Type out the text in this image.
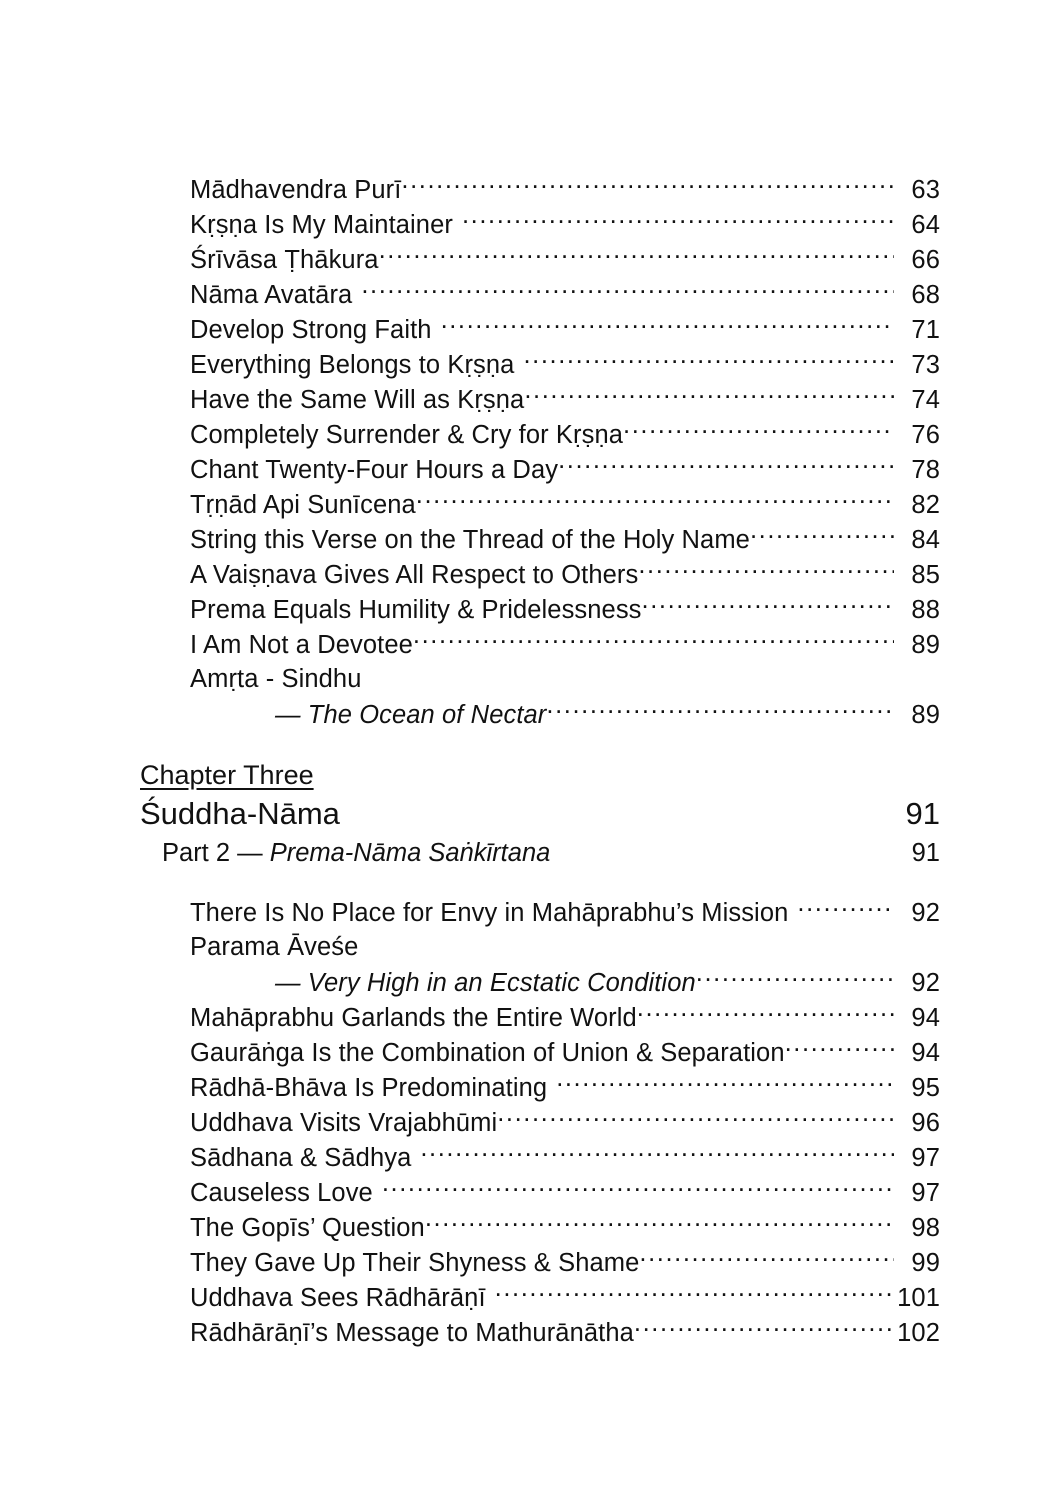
Mādhavendra Purī .....	63
Kṛṣṇa Is My Maintainer .....	64
Śrīvāsa Ṭhākura .....	66
Nāma Avatāra .....	68
Develop Strong Faith .....	71
Everything Belongs to Kṛṣṇa .....	73
Have the Same Will as Kṛṣṇa .....	74
Completely Surrender & Cry for Kṛṣṇa .....	76
Chant Twenty-Four Hours a Day .....	78
Tṛṇād Api Sunīcena .....	82
String this Verse on the Thread of the Holy Name .....	84
A Vaiṣṇava Gives All Respect to Others .....	85
Prema Equals Humility & Pridelessness .....	88
I Am Not a Devotee .....	89
Amṛta - Sindhu
— The Ocean of Nectar .....	89
Chapter Three
Śuddha-Nāma	91
Part 2 — Prema-Nāma Saṅkīrtana	91
There Is No Place for Envy in Mahāprabhu’s Mission .....	92
Parama Āveśe
— Very High in an Ecstatic Condition .....	92
Mahāprabhu Garlands the Entire World .....	94
Gaurāṅga Is the Combination of Union & Separation .....	94
Rādhā-Bhāva Is Predominating .....	95
Uddhava Visits Vrajabhūmi .....	96
Sādhana & Sādhya .....	97
Causeless Love .....	97
The Gopīs’ Question .....	98
They Gave Up Their Shyness & Shame .....	99
Uddhava Sees Rādhārāṇī .....	101
Rādhārāṇī’s Message to Mathurānātha .....	102
